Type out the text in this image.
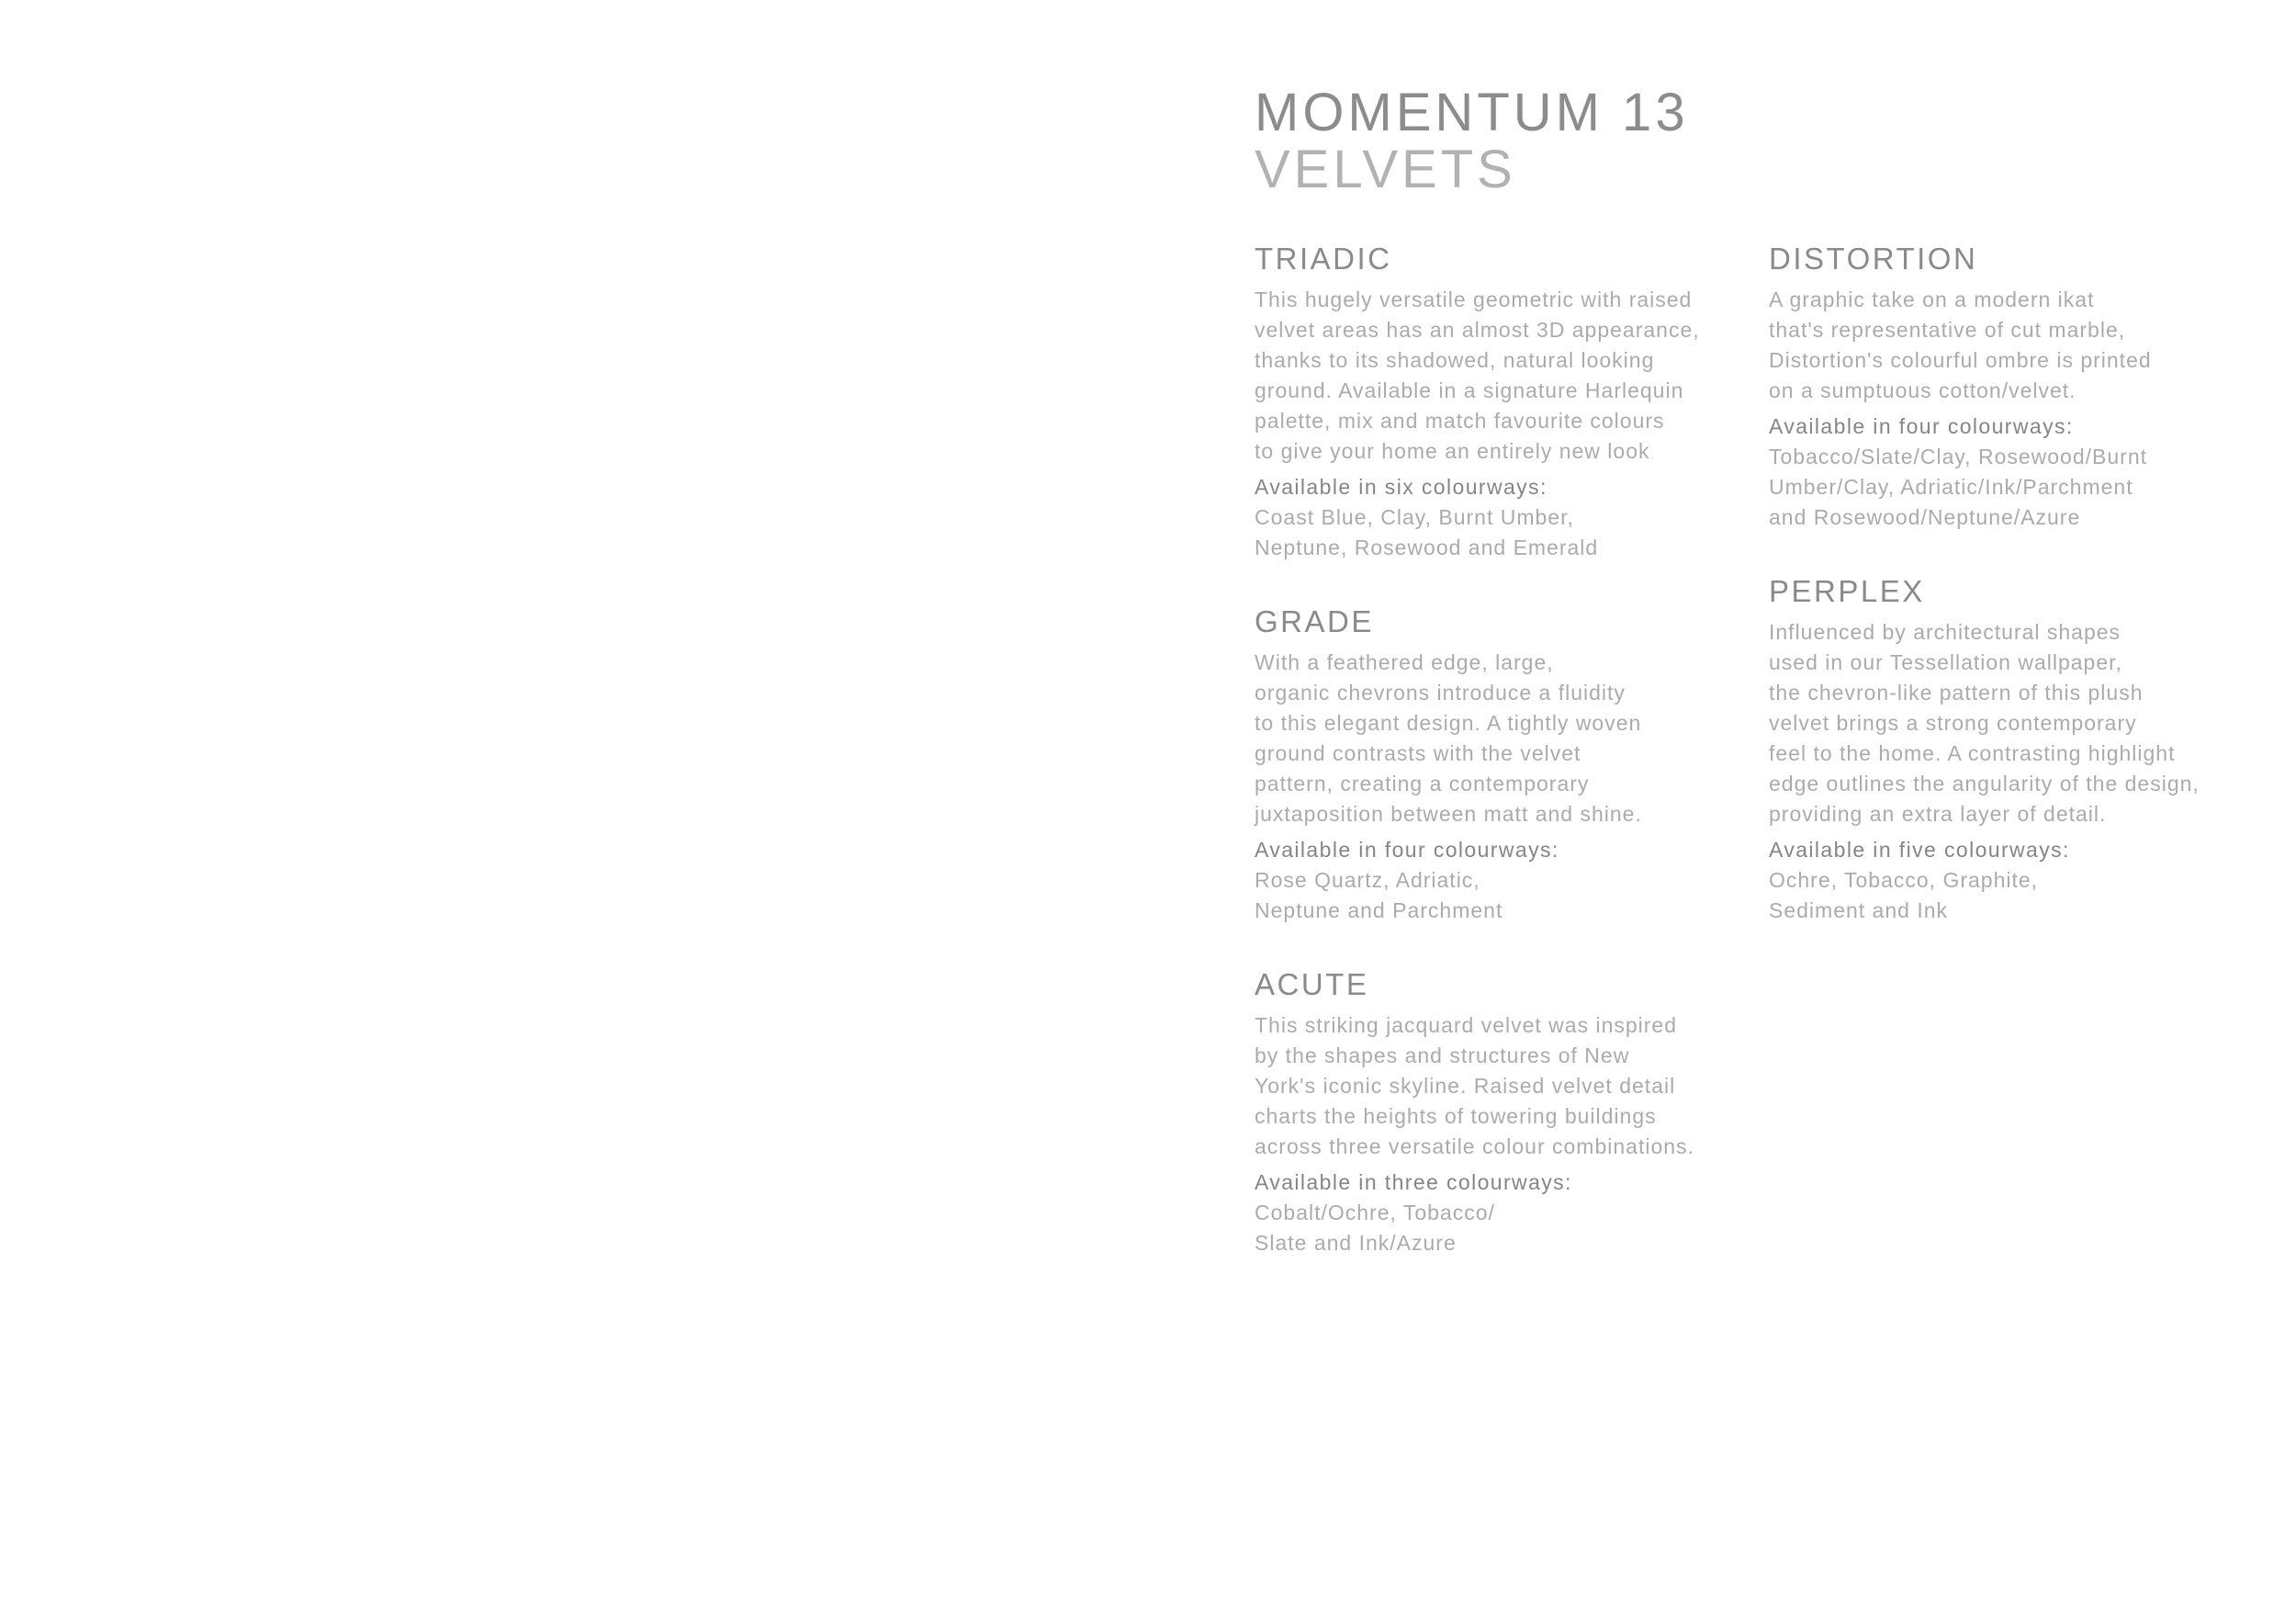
MOMENTUM 13
VELVETS
TRIADIC
This hugely versatile geometric with raised
velvet areas has an almost 3D appearance,
thanks to its shadowed, natural looking
ground. Available in a signature Harlequin
palette, mix and match favourite colours
to give your home an entirely new look
Available in six colourways:
Coast Blue, Clay, Burnt Umber,
Neptune, Rosewood and Emerald
GRADE
With a feathered edge, large,
organic chevrons introduce a fluidity
to this elegant design. A tightly woven
ground contrasts with the velvet
pattern, creating a contemporary
juxtaposition between matt and shine.
Available in four colourways:
Rose Quartz, Adriatic,
Neptune and Parchment
ACUTE
This striking jacquard velvet was inspired
by the shapes and structures of New
York's iconic skyline. Raised velvet detail
charts the heights of towering buildings
across three versatile colour combinations.
Available in three colourways:
Cobalt/Ochre, Tobacco/
Slate and Ink/Azure
DISTORTION
A graphic take on a modern ikat
that's representative of cut marble,
Distortion's colourful ombre is printed
on a sumptuous cotton/velvet.
Available in four colourways:
Tobacco/Slate/Clay, Rosewood/Burnt
Umber/Clay, Adriatic/Ink/Parchment
and Rosewood/Neptune/Azure
PERPLEX
Influenced by architectural shapes
used in our Tessellation wallpaper,
the chevron-like pattern of this plush
velvet brings a strong contemporary
feel to the home. A contrasting highlight
edge outlines the angularity of the design,
providing an extra layer of detail.
Available in five colourways:
Ochre, Tobacco, Graphite,
Sediment and Ink
